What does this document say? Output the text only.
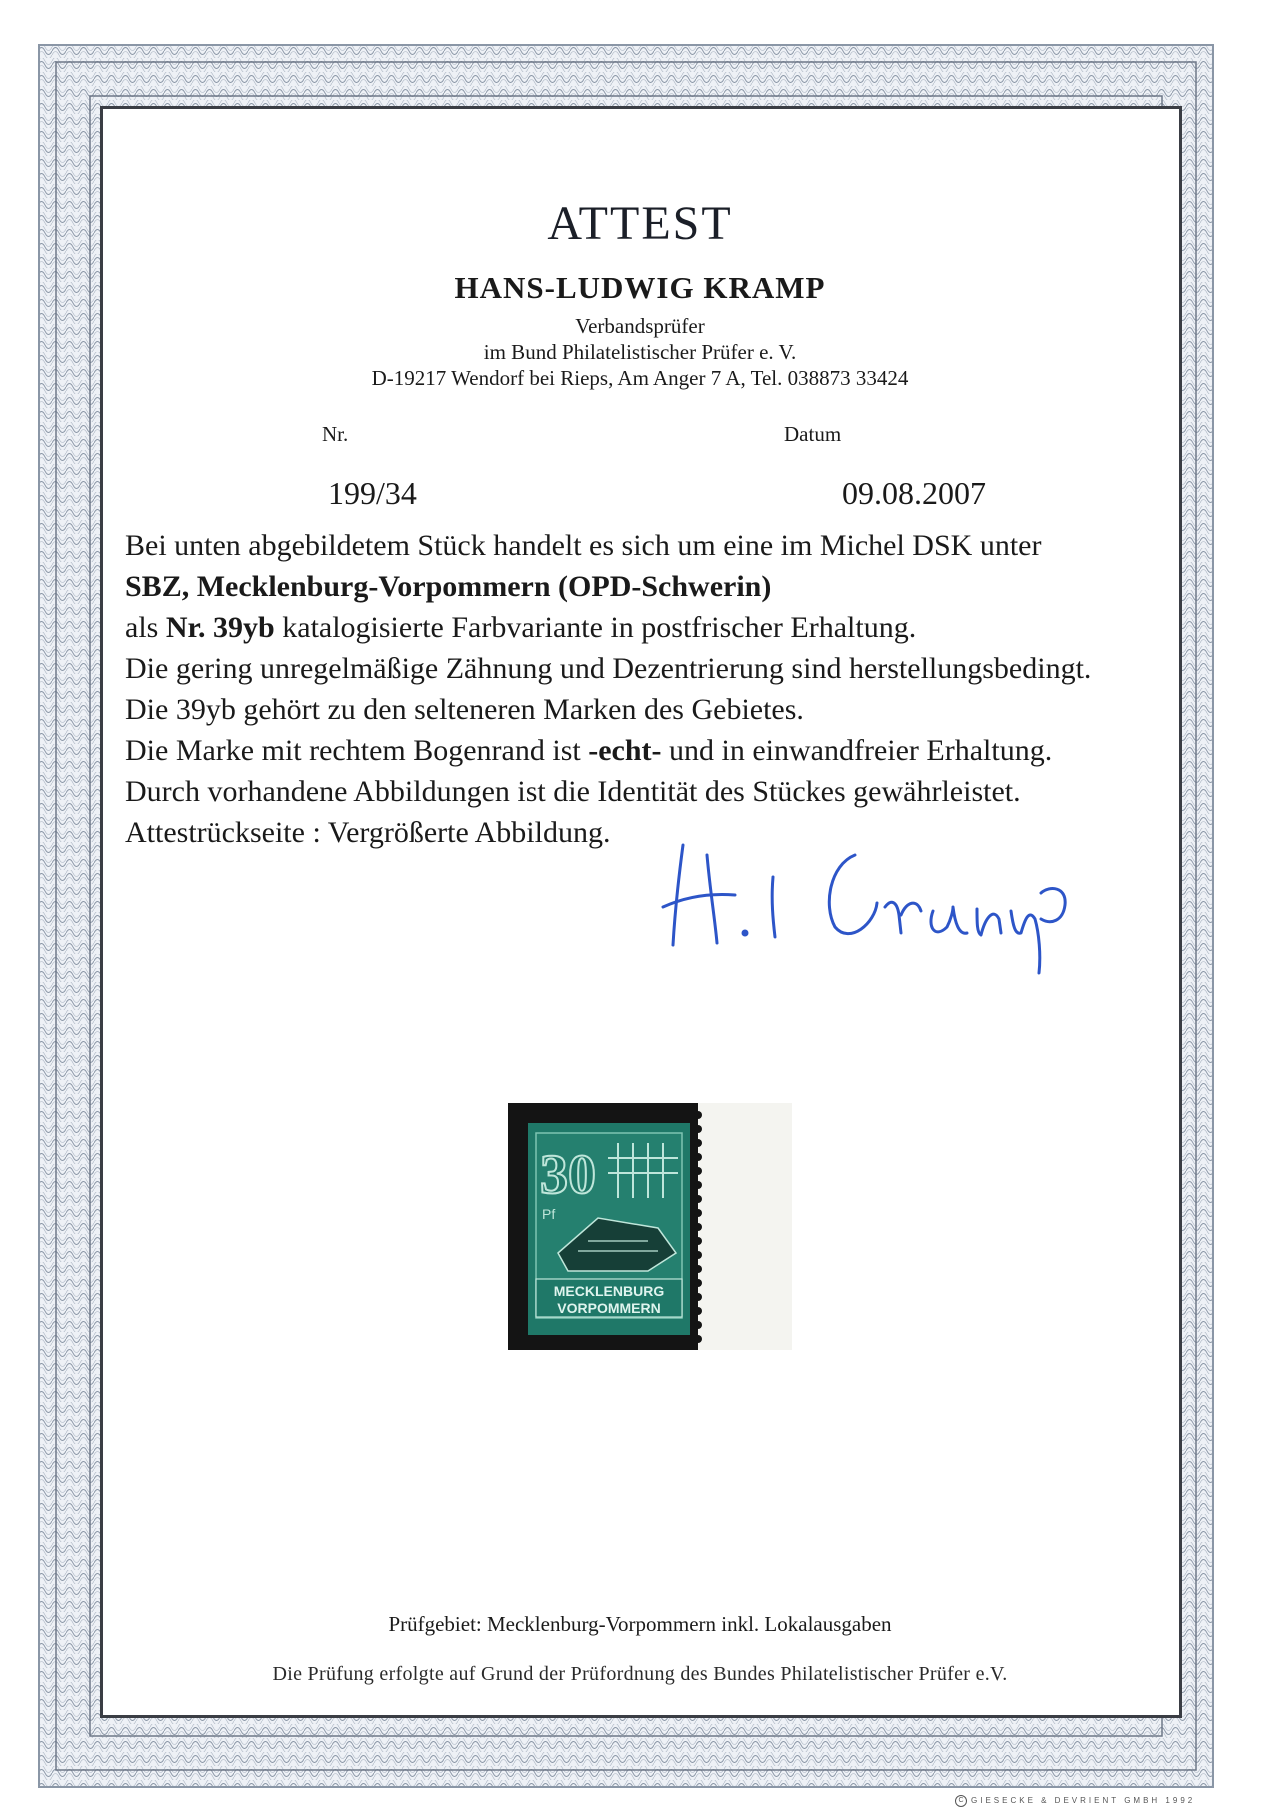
ATTEST
HANS-LUDWIG KRAMP
Verbandsprüfer
im Bund Philatelistischer Prüfer e. V.
D-19217 Wendorf bei Rieps, Am Anger 7 A, Tel. 038873 33424
Nr.	Datum
199/34	09.08.2007

Bei unten abgebildetem Stück handelt es sich um eine im Michel DSK unter

SBZ, Mecklenburg-Vorpommern (OPD-Schwerin)

als Nr. 39yb katalogisierte Farbvariante in postfrischer Erhaltung.

Die gering unregelmäßige Zähnung und Dezentrierung sind herstellungsbedingt.

Die 39yb gehört zu den selteneren Marken des Gebietes.

Die Marke mit rechtem Bogenrand ist -echt- und in einwandfreier Erhaltung.

Durch vorhandene Abbildungen ist die Identität des Stückes gewährleistet.

Attestrückseite : Vergrößerte Abbildung.

30
Pf
MECKLENBURG
VORPOMMERN
Prüfgebiet: Mecklenburg-Vorpommern inkl. Lokalausgaben
Die Prüfung erfolgte auf Grund der Prüfordnung des Bundes Philatelistischer Prüfer e.V.
C GIESECKE & DEVRIENT GMBH 1992
